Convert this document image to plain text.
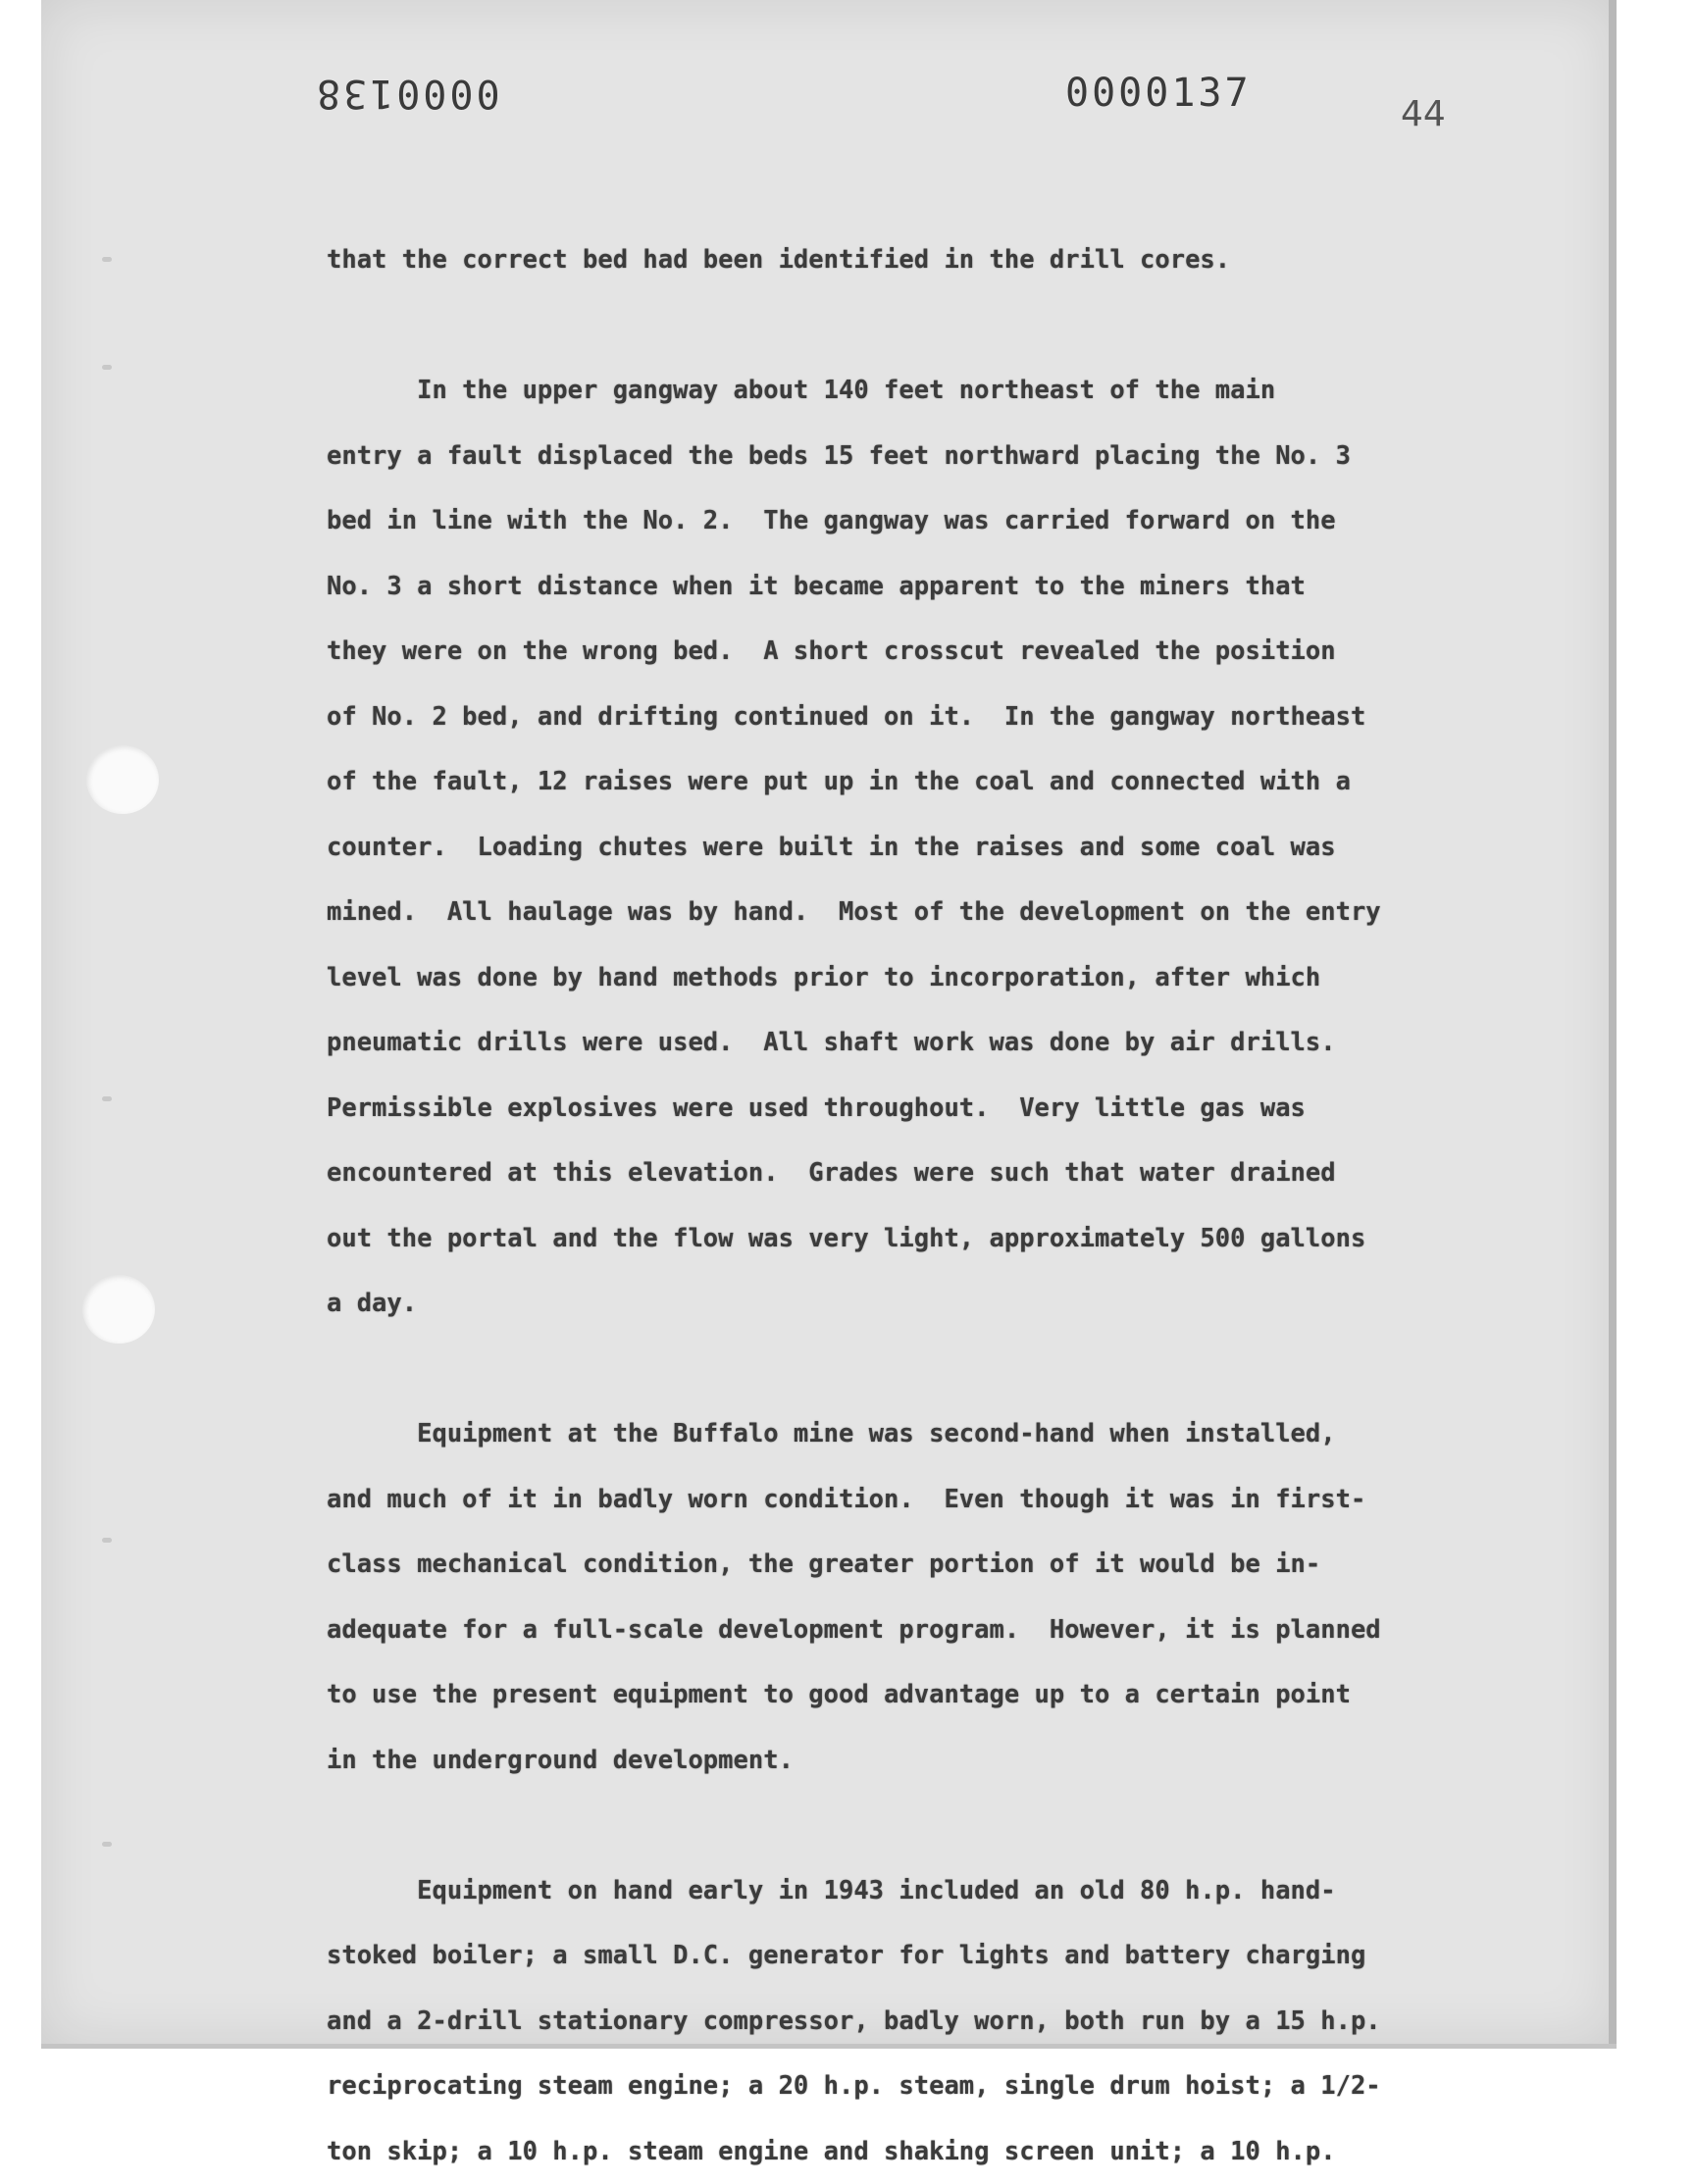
0000138	0000137	44
that the correct bed had been identified in the drill cores.

In the upper gangway about 140 feet northeast of the main
entry a fault displaced the beds 15 feet northward placing the No. 3
bed in line with the No. 2.  The gangway was carried forward on the
No. 3 a short distance when it became apparent to the miners that
they were on the wrong bed.  A short crosscut revealed the position
of No. 2 bed, and drifting continued on it.  In the gangway northeast
of the fault, 12 raises were put up in the coal and connected with a
counter.  Loading chutes were built in the raises and some coal was
mined.  All haulage was by hand.  Most of the development on the entry
level was done by hand methods prior to incorporation, after which
pneumatic drills were used.  All shaft work was done by air drills.
Permissible explosives were used throughout.  Very little gas was
encountered at this elevation.  Grades were such that water drained
out the portal and the flow was very light, approximately 500 gallons
a day.

Equipment at the Buffalo mine was second-hand when installed,
and much of it in badly worn condition.  Even though it was in first-
class mechanical condition, the greater portion of it would be in-
adequate for a full-scale development program.  However, it is planned
to use the present equipment to good advantage up to a certain point
in the underground development.

Equipment on hand early in 1943 included an old 80 h.p. hand-
stoked boiler; a small D.C. generator for lights and battery charging
and a 2-drill stationary compressor, badly worn, both run by a 15 h.p.
reciprocating steam engine; a 20 h.p. steam, single drum hoist; a 1/2-
ton skip; a 10 h.p. steam engine and shaking screen unit; a 10 h.p.
